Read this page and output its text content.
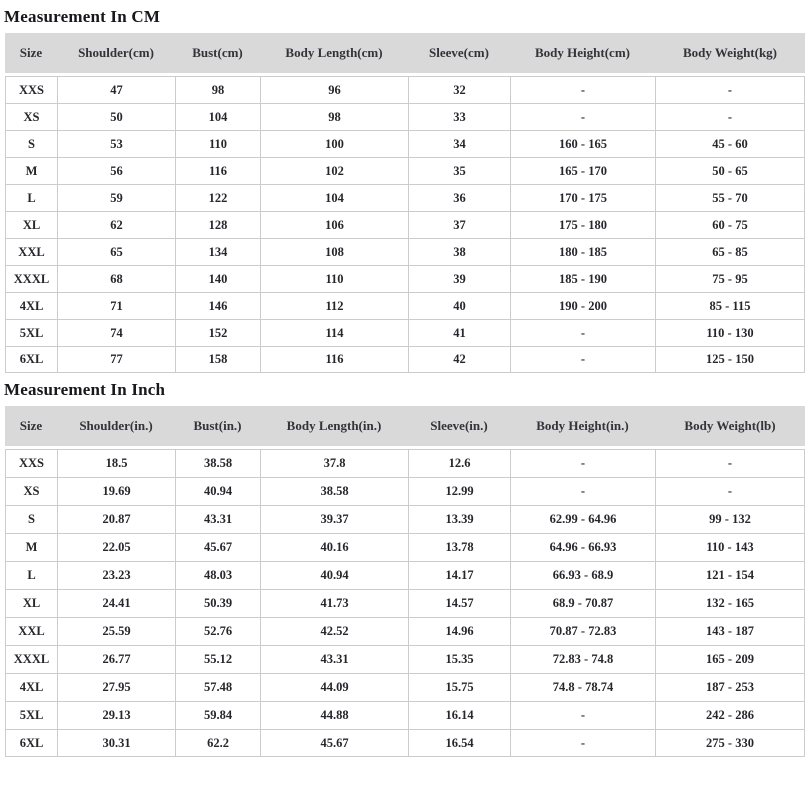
Measurement In CM
Size	Shoulder(cm)	Bust(cm)	Body Length(cm)	Sleeve(cm)	Body Height(cm)	Body Weight(kg)
XXS	47	98	96	32	-	-
XS	50	104	98	33	-	-
S	53	110	100	34	160 - 165	45 - 60
M	56	116	102	35	165 - 170	50 - 65
L	59	122	104	36	170 - 175	55 - 70
XL	62	128	106	37	175 - 180	60 - 75
XXL	65	134	108	38	180 - 185	65 - 85
XXXL	68	140	110	39	185 - 190	75 - 95
4XL	71	146	112	40	190 - 200	85 - 115
5XL	74	152	114	41	-	110 - 130
6XL	77	158	116	42	-	125 - 150
Measurement In Inch
Size	Shoulder(in.)	Bust(in.)	Body Length(in.)	Sleeve(in.)	Body Height(in.)	Body Weight(lb)
XXS	18.5	38.58	37.8	12.6	-	-
XS	19.69	40.94	38.58	12.99	-	-
S	20.87	43.31	39.37	13.39	62.99 - 64.96	99 - 132
M	22.05	45.67	40.16	13.78	64.96 - 66.93	110 - 143
L	23.23	48.03	40.94	14.17	66.93 - 68.9	121 - 154
XL	24.41	50.39	41.73	14.57	68.9 - 70.87	132 - 165
XXL	25.59	52.76	42.52	14.96	70.87 - 72.83	143 - 187
XXXL	26.77	55.12	43.31	15.35	72.83 - 74.8	165 - 209
4XL	27.95	57.48	44.09	15.75	74.8 - 78.74	187 - 253
5XL	29.13	59.84	44.88	16.14	-	242 - 286
6XL	30.31	62.2	45.67	16.54	-	275 - 330
